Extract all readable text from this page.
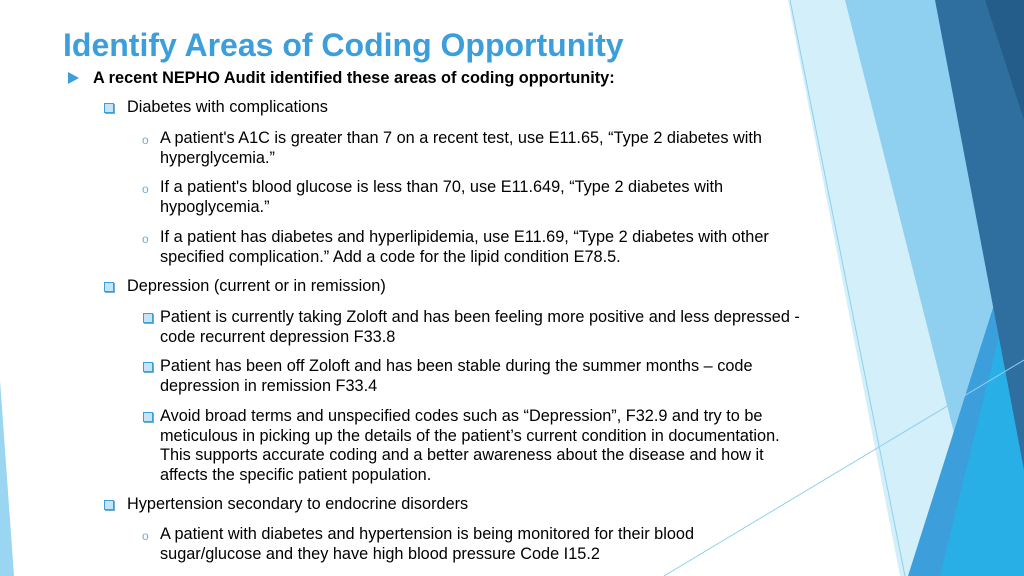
Identify Areas of Coding Opportunity
A recent NEPHO Audit identified these areas of coding opportunity:
Diabetes with complications
o A patient's A1C is greater than 7 on a recent test, use E11.65, “Type 2 diabetes with hyperglycemia.”
o If a patient's blood glucose is less than 70, use E11.649, “Type 2 diabetes with hypoglycemia.”
o If a patient has diabetes and hyperlipidemia, use E11.69, “Type 2 diabetes with other specified complication.” Add a code for the lipid condition E78.5.
Depression (current or in remission)
Patient is currently taking Zoloft and has been feeling more positive and less depressed - code recurrent depression F33.8
Patient has been off Zoloft and has been stable during the summer months – code depression in remission F33.4
Avoid broad terms and unspecified codes such as “Depression”, F32.9 and try to be meticulous in picking up the details of the patient’s current condition in documentation. This supports accurate coding and a better awareness about the disease and how it affects the specific patient population.
Hypertension secondary to endocrine disorders
o A patient with diabetes and hypertension is being monitored for their blood sugar/glucose and they have high blood pressure Code I15.2
